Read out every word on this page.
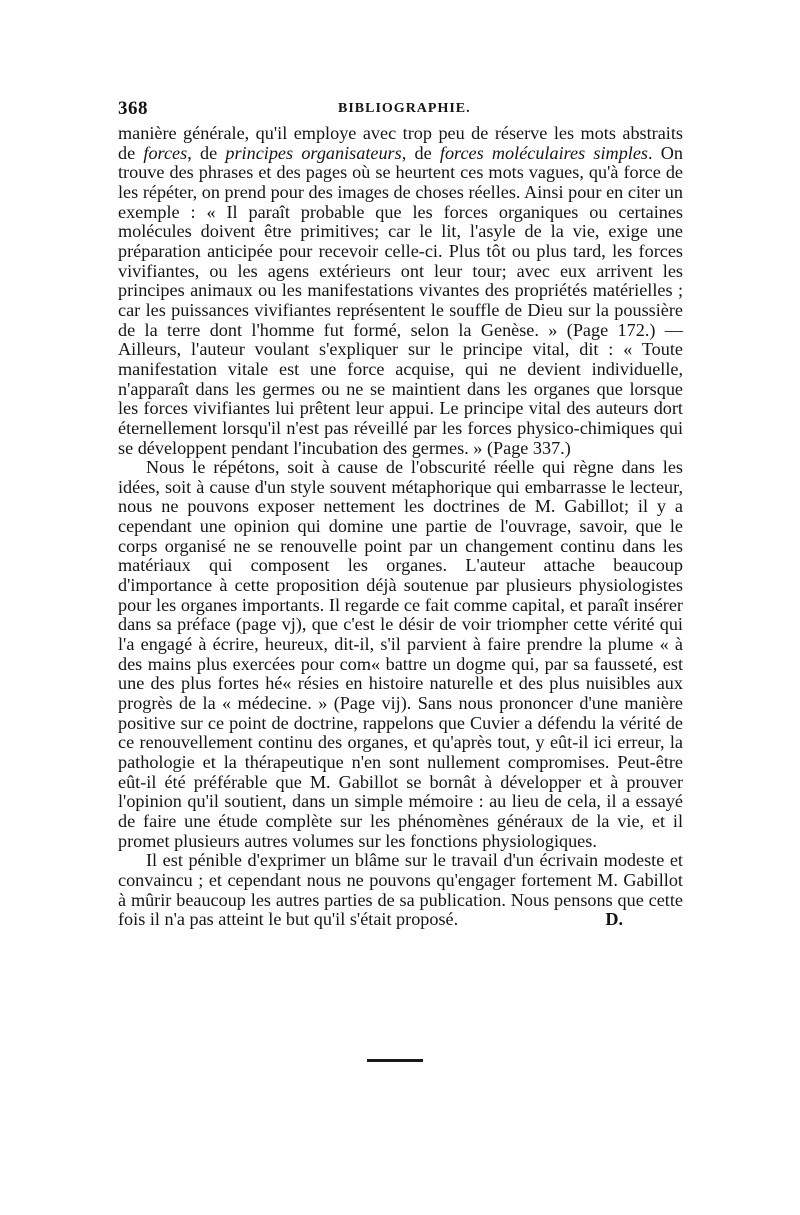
368	BIBLIOGRAPHIE.

manière générale, qu'il employe avec trop peu de réserve les mots abstraits de forces, de principes organisateurs, de forces moléculaires simples. On trouve des phrases et des pages où se heurtent ces mots vagues, qu'à force de les répéter, on prend pour des images de choses réelles. Ainsi pour en citer un exemple : « Il paraît probable que les forces organiques ou certaines molécules doivent être primitives; car le lit, l'asyle de la vie, exige une préparation anticipée pour recevoir celle-ci. Plus tôt ou plus tard, les forces vivifiantes, ou les agens extérieurs ont leur tour; avec eux arrivent les principes animaux ou les manifestations vivantes des propriétés matérielles ; car les puissances vivifiantes représentent le souffle de Dieu sur la poussière de la terre dont l'homme fut formé, selon la Genèse. » (Page 172.) — Ailleurs, l'auteur voulant s'expliquer sur le principe vital, dit : « Toute manifestation vitale est une force acquise, qui ne devient individuelle, n'apparaît dans les germes ou ne se maintient dans les organes que lorsque les forces vivifiantes lui prêtent leur appui. Le principe vital des auteurs dort éternellement lorsqu'il n'est pas réveillé par les forces physico-chimiques qui se développent pendant l'incubation des germes. » (Page 337.)

Nous le répétons, soit à cause de l'obscurité réelle qui règne dans les idées, soit à cause d'un style souvent métaphorique qui embarrasse le lecteur, nous ne pouvons exposer nettement les doctrines de M. Gabillot; il y a cependant une opinion qui domine une partie de l'ouvrage, savoir, que le corps organisé ne se renouvelle point par un changement continu dans les matériaux qui composent les organes. L'auteur attache beaucoup d'importance à cette proposition déjà soutenue par plusieurs physiologistes pour les organes importants. Il regarde ce fait comme capital, et paraît insérer dans sa préface (page vj), que c'est le désir de voir triompher cette vérité qui l'a engagé à écrire, heureux, dit-il, s'il parvient à faire prendre la plume « à des mains plus exercées pour com« battre un dogme qui, par sa fausseté, est une des plus fortes hé« résies en histoire naturelle et des plus nuisibles aux progrès de la « médecine. » (Page vij). Sans nous prononcer d'une manière positive sur ce point de doctrine, rappelons que Cuvier a défendu la vérité de ce renouvellement continu des organes, et qu'après tout, y eût-il ici erreur, la pathologie et la thérapeutique n'en sont nullement compromises. Peut-être eût-il été préférable que M. Gabillot se bornât à développer et à prouver l'opinion qu'il soutient, dans un simple mémoire : au lieu de cela, il a essayé de faire une étude complète sur les phénomènes généraux de la vie, et il promet plusieurs autres volumes sur les fonctions physiologiques.

Il est pénible d'exprimer un blâme sur le travail d'un écrivain modeste et convaincu ; et cependant nous ne pouvons qu'engager fortement M. Gabillot à mûrir beaucoup les autres parties de sa publication. Nous pensons que cette fois il n'a pas atteint le but qu'il s'était proposé.	D.
